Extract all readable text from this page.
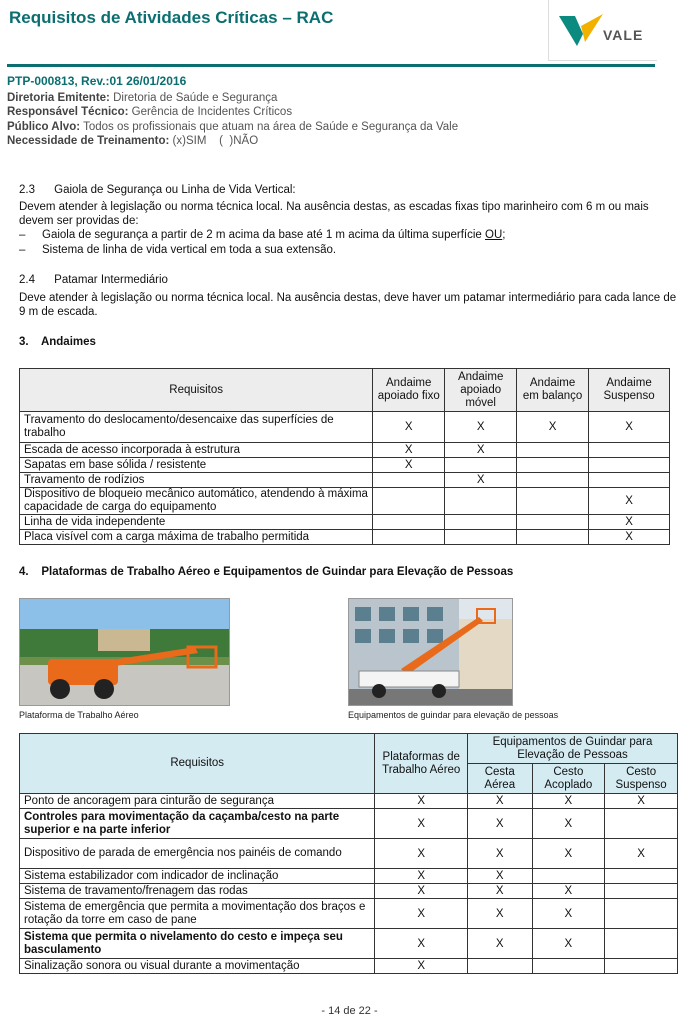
Requisitos de Atividades Críticas – RAC
VALE
PTP-000813, Rev.:01 26/01/2016
Diretoria Emitente: Diretoria de Saúde e Segurança
Responsável Técnico: Gerência de Incidentes Críticos
Público Alvo: Todos os profissionais que atuam na área de Saúde e Segurança da Vale
Necessidade de Treinamento: (x)SIM    (  )NÃO
2.3      Gaiola de Segurança ou Linha de Vida Vertical:
Devem atender à legislação ou norma técnica local. Na ausência destas, as escadas fixas tipo marinheiro com 6 m ou mais devem ser providas de:
–	Gaiola de segurança a partir de 2 m acima da base até 1 m acima da última superfície OU;
–	Sistema de linha de vida vertical em toda a sua extensão.
2.4      Patamar Intermediário
Deve atender à legislação ou norma técnica local. Na ausência destas, deve haver um patamar intermediário para cada lance de 9 m de escada.
3.    Andaimes
Requisitos	Andaime apoiado fixo	Andaime apoiado móvel	Andaime em balanço	Andaime Suspenso
Travamento do deslocamento/desencaixe das superfícies de trabalho	X	X	X	X
Escada de acesso incorporada à estrutura	X	X		
Sapatas em base sólida / resistente	X			
Travamento de rodízios		X		
Dispositivo de bloqueio mecânico automático, atendendo à máxima capacidade de carga do equipamento				X
Linha de vida independente				X
Placa visível com a carga máxima de trabalho permitida				X
4.    Plataformas de Trabalho Aéreo e Equipamentos de Guindar para Elevação de Pessoas
Plataforma de Trabalho Aéreo	Equipamentos de guindar para elevação de pessoas
Requisitos	Plataformas de Trabalho Aéreo	Equipamentos de Guindar para Elevação de Pessoas		
		Cesta Aérea	Cesto Acoplado	Cesto Suspenso
Ponto de ancoragem para cinturão de segurança	X	X	X	X
Controles para movimentação da caçamba/cesto na parte superior e na parte inferior	X	X	X	
Dispositivo de parada de emergência nos painéis de comando	X	X	X	X
Sistema estabilizador com indicador de inclinação	X	X		
Sistema de travamento/frenagem das rodas	X	X	X	
Sistema de emergência que permita a movimentação dos braços e rotação da torre em caso de pane	X	X	X	
Sistema que permita o nivelamento do cesto e impeça seu basculamento	X	X	X	
Sinalização sonora ou visual durante a movimentação	X			
- 14 de 22 -
